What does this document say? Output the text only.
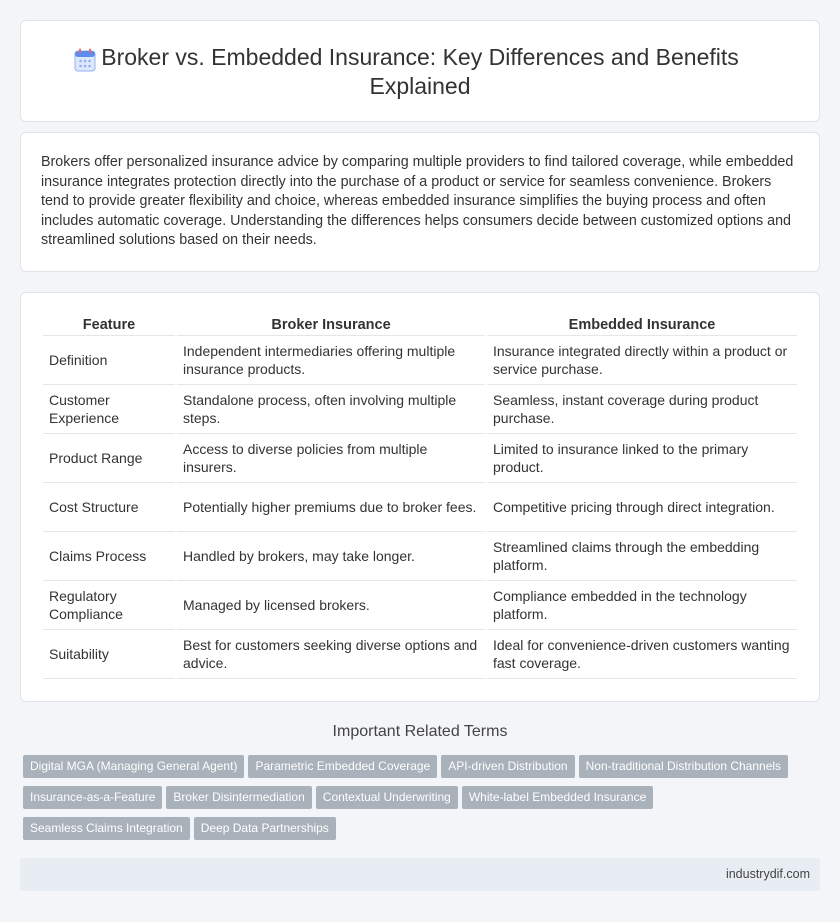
Broker vs. Embedded Insurance: Key Differences and Benefits Explained

Brokers offer personalized insurance advice by comparing multiple providers to find tailored coverage, while embedded insurance integrates protection directly into the purchase of a product or service for seamless convenience. Brokers tend to provide greater flexibility and choice, whereas embedded insurance simplifies the buying process and often includes automatic coverage. Understanding the differences helps consumers decide between customized options and streamlined solutions based on their needs.

Feature	Broker Insurance	Embedded Insurance
Definition	Independent intermediaries offering multiple insurance products.	Insurance integrated directly within a product or service purchase.
Customer Experience	Standalone process, often involving multiple steps.	Seamless, instant coverage during product purchase.
Product Range	Access to diverse policies from multiple insurers.	Limited to insurance linked to the primary product.
Cost Structure	Potentially higher premiums due to broker fees.	Competitive pricing through direct integration.
Claims Process	Handled by brokers, may take longer.	Streamlined claims through the embedding platform.
Regulatory Compliance	Managed by licensed brokers.	Compliance embedded in the technology platform.
Suitability	Best for customers seeking diverse options and advice.	Ideal for convenience-driven customers wanting fast coverage.
Important Related Terms
Digital MGA (Managing General Agent) Parametric Embedded Coverage API-driven Distribution Non-traditional Distribution Channels
Insurance-as-a-Feature Broker Disintermediation Contextual Underwriting White-label Embedded Insurance
Seamless Claims Integration Deep Data Partnerships
industrydif.com
